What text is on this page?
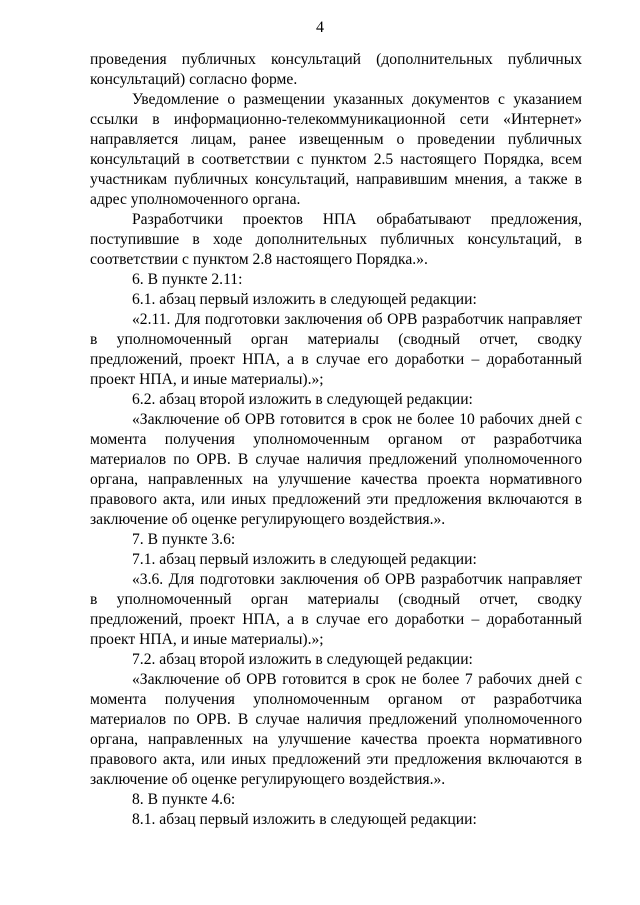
4

проведения публичных консультаций (дополнительных публичных консультаций) согласно форме.

Уведомление о размещении указанных документов с указанием ссылки в информационно-телекоммуникационной сети «Интернет» направляется лицам, ранее извещенным о проведении публичных консультаций в соответствии с пунктом 2.5 настоящего Порядка, всем участникам публичных консультаций, направившим мнения, а также в адрес уполномоченного органа.

Разработчики проектов НПА обрабатывают предложения, поступившие в ходе дополнительных публичных консультаций, в соответствии с пунктом 2.8 настоящего Порядка.».

6. В пункте 2.11:

6.1. абзац первый изложить в следующей редакции:

«2.11. Для подготовки заключения об ОРВ разработчик направляет в уполномоченный орган материалы (сводный отчет, сводку предложений, проект НПА, а в случае его доработки – доработанный проект НПА, и иные материалы).»;

6.2. абзац второй изложить в следующей редакции:

«Заключение об ОРВ готовится в срок не более 10 рабочих дней с момента получения уполномоченным органом от разработчика материалов по ОРВ. В случае наличия предложений уполномоченного органа, направленных на улучшение качества проекта нормативного правового акта, или иных предложений эти предложения включаются в заключение об оценке регулирующего воздействия.».

7. В пункте 3.6:

7.1. абзац первый изложить в следующей редакции:

«3.6. Для подготовки заключения об ОРВ разработчик направляет в уполномоченный орган материалы (сводный отчет, сводку предложений, проект НПА, а в случае его доработки – доработанный проект НПА, и иные материалы).»;

7.2. абзац второй изложить в следующей редакции:

«Заключение об ОРВ готовится в срок не более 7 рабочих дней с момента получения уполномоченным органом от разработчика материалов по ОРВ. В случае наличия предложений уполномоченного органа, направленных на улучшение качества проекта нормативного правового акта, или иных предложений эти предложения включаются в заключение об оценке регулирующего воздействия.».

8. В пункте 4.6:

8.1. абзац первый изложить в следующей редакции:
